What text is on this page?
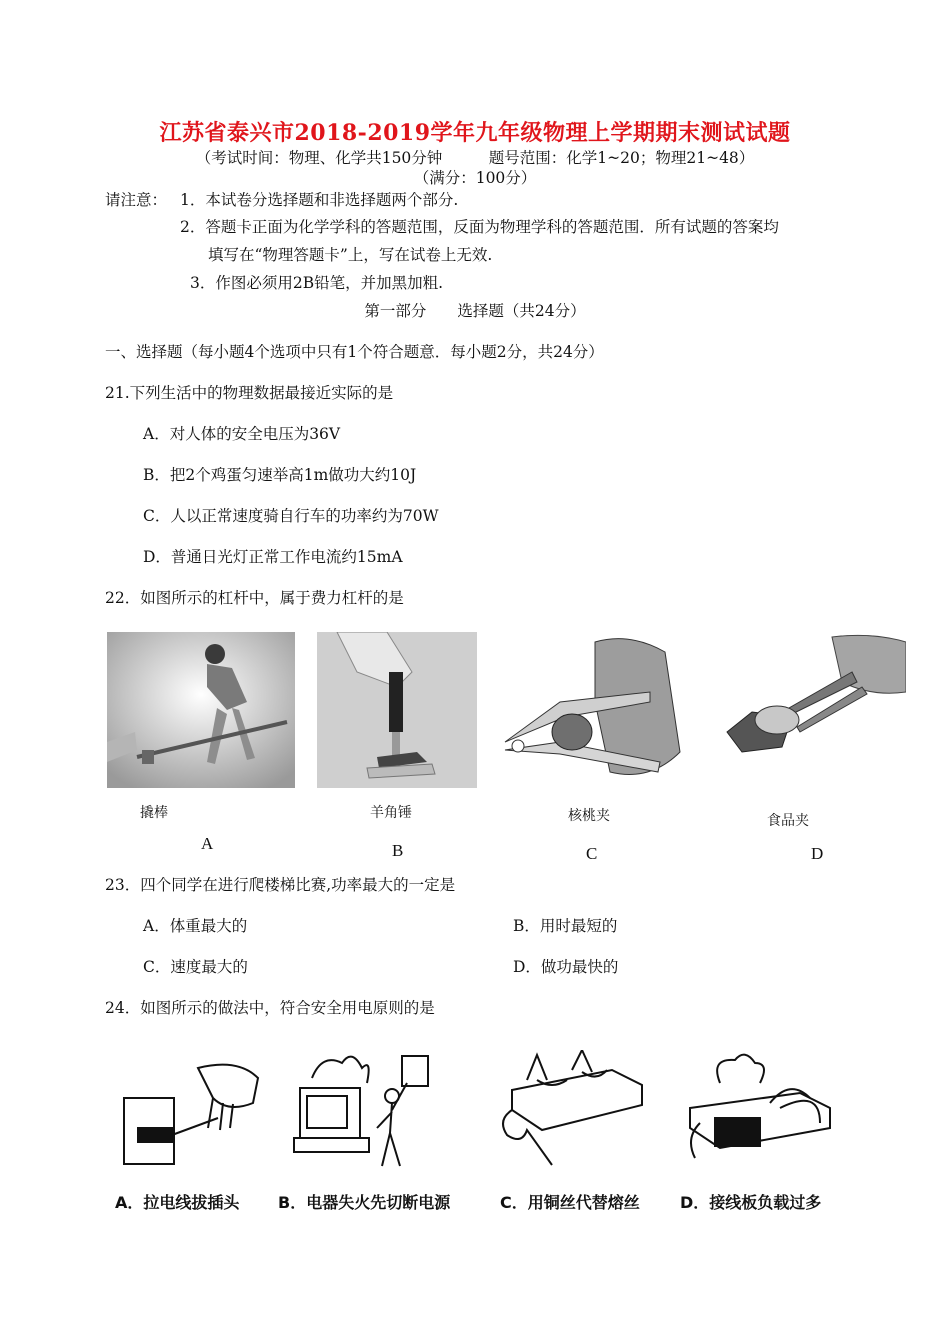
江苏省泰兴市2018-2019学年九年级物理上学期期末测试试题
（考试时间：物理、化学共150分钟　　　题号范围：化学1~20；物理21~48）
（满分：100分）
请注意： 1．本试卷分选择题和非选择题两个部分.
2．答题卡正面为化学学科的答题范围，反面为物理学科的答题范围．所有试题的答案均
填写在“物理答题卡”上，写在试卷上无效.
3．作图必须用2B铅笔，并加黑加粗.
第一部分　　选择题（共24分）
一、选择题（每小题4个选项中只有1个符合题意．每小题2分，共24分）
21.下列生活中的物理数据最接近实际的是
A．对人体的安全电压为36V
B．把2个鸡蛋匀速举高1m做功大约10J
C．人以正常速度骑自行车的功率约为70W
D．普通日光灯正常工作电流约15mA
22．如图所示的杠杆中，属于费力杠杆的是
撬棒	羊角锤	核桃夹	食品夹
A	B	C	D
23．四个同学在进行爬楼梯比赛,功率最大的一定是
A．体重最大的	B．用时最短的
C．速度最大的	D．做功最快的
24．如图所示的做法中，符合安全用电原则的是
A．拉电线拔插头 B．电器失火先切断电源	C．用铜丝代替熔丝	D．接线板负载过多
